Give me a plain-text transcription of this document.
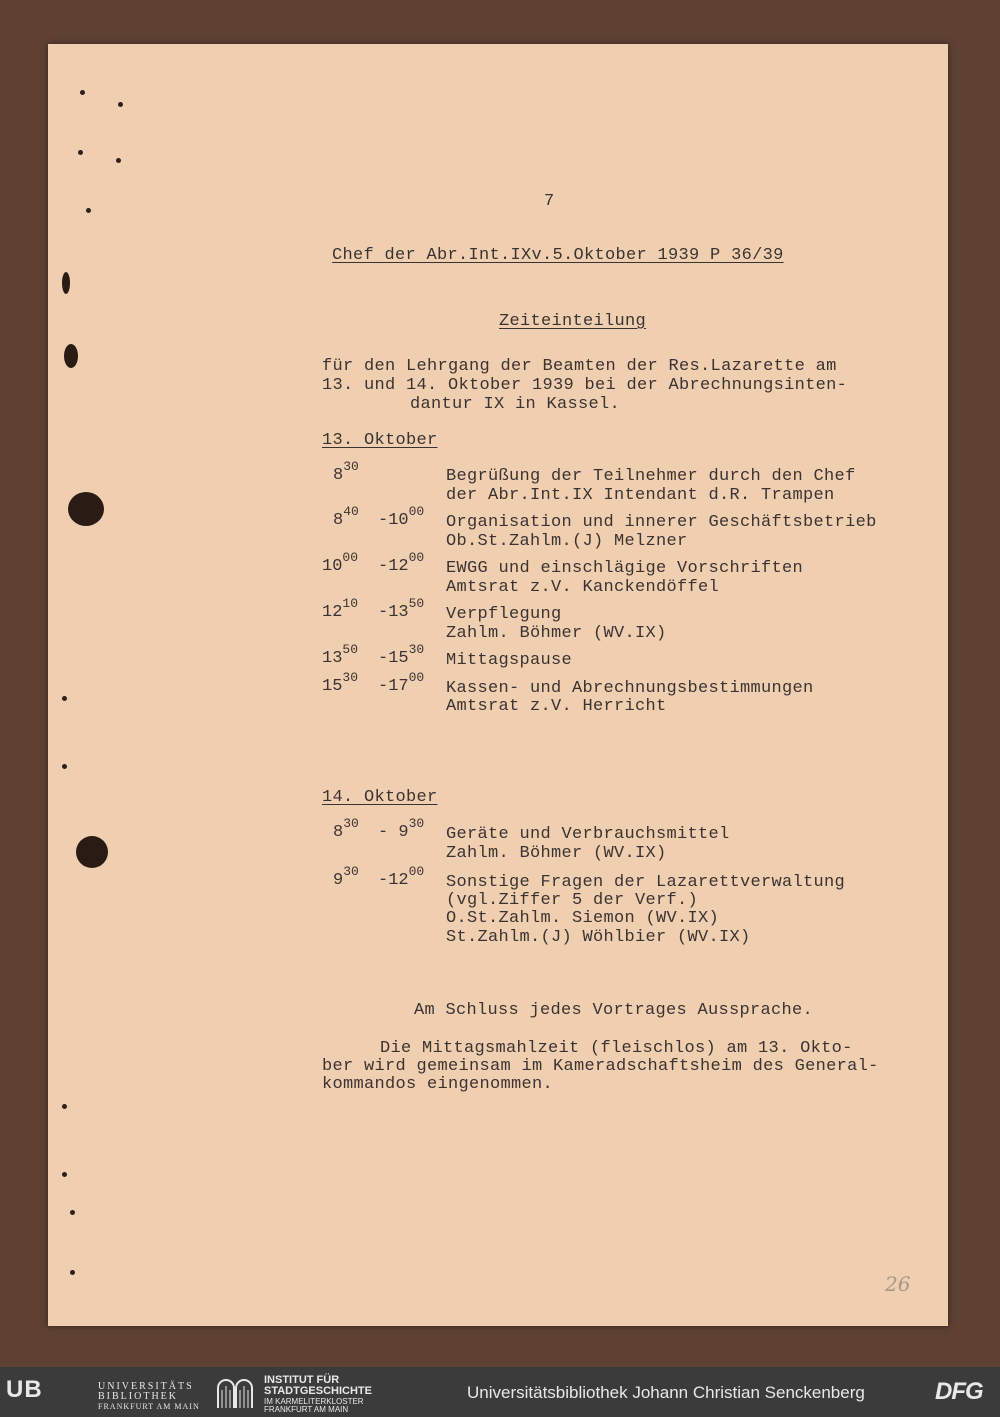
7
Chef der Abr.Int.IXv.5.Oktober 1939 P 36/39
Zeiteinteilung
für den Lehrgang der Beamten der Res.Lazarette am
13. und 14. Oktober 1939 bei der Abrechnungsinten-
dantur IX in Kassel.
13. Oktober
$8^{30}$
Begrüßung der Teilnehmer durch den Chef
der Abr.Int.IX Intendant d.R. Trampen
$8^{40}$ $-10^{00}$
Organisation und innerer Geschäftsbetrieb
Ob.St.Zahlm.(J) Melzner
$10^{00}$ $-12^{00}$
EWGG und einschlägige Vorschriften
Amtsrat z.V. Kanckendöffel
$12^{10}$ $-13^{50}$
Verpflegung
Zahlm. Böhmer (WV.IX)
$13^{50}$ $-15^{30}$
Mittagspause
$15^{30}$ $-17^{00}$
Kassen- und Abrechnungsbestimmungen
Amtsrat z.V. Herricht
14. Oktober
$8^{30} - 9^{30}$
Geräte und Verbrauchsmittel
Zahlm. Böhmer (WV.IX)
$9^{30}$ $-12^{00}$
Sonstige Fragen der Lazarettverwaltung
(vgl.Ziffer 5 der Verf.)
O.St.Zahlm. Siemon (WV.IX)
St.Zahlm.(J) Wöhlbier (WV.IX)
Am Schluss jedes Vortrages Aussprache.
Die Mittagsmahlzeit (fleischlos) am 13. Okto-
ber wird gemeinsam im Kameradschaftsheim des General-
kommandos eingenommen.
26
UB	UNIVERSITÄTS
BIBLIOTHEK
FRANKFURT AM MAIN
INSTITUT FÜR
STADTGESCHICHTE
IM KARMELITERKLOSTER
FRANKFURT AM MAIN
Universitätsbibliothek Johann Christian Senckenberg	DFG
